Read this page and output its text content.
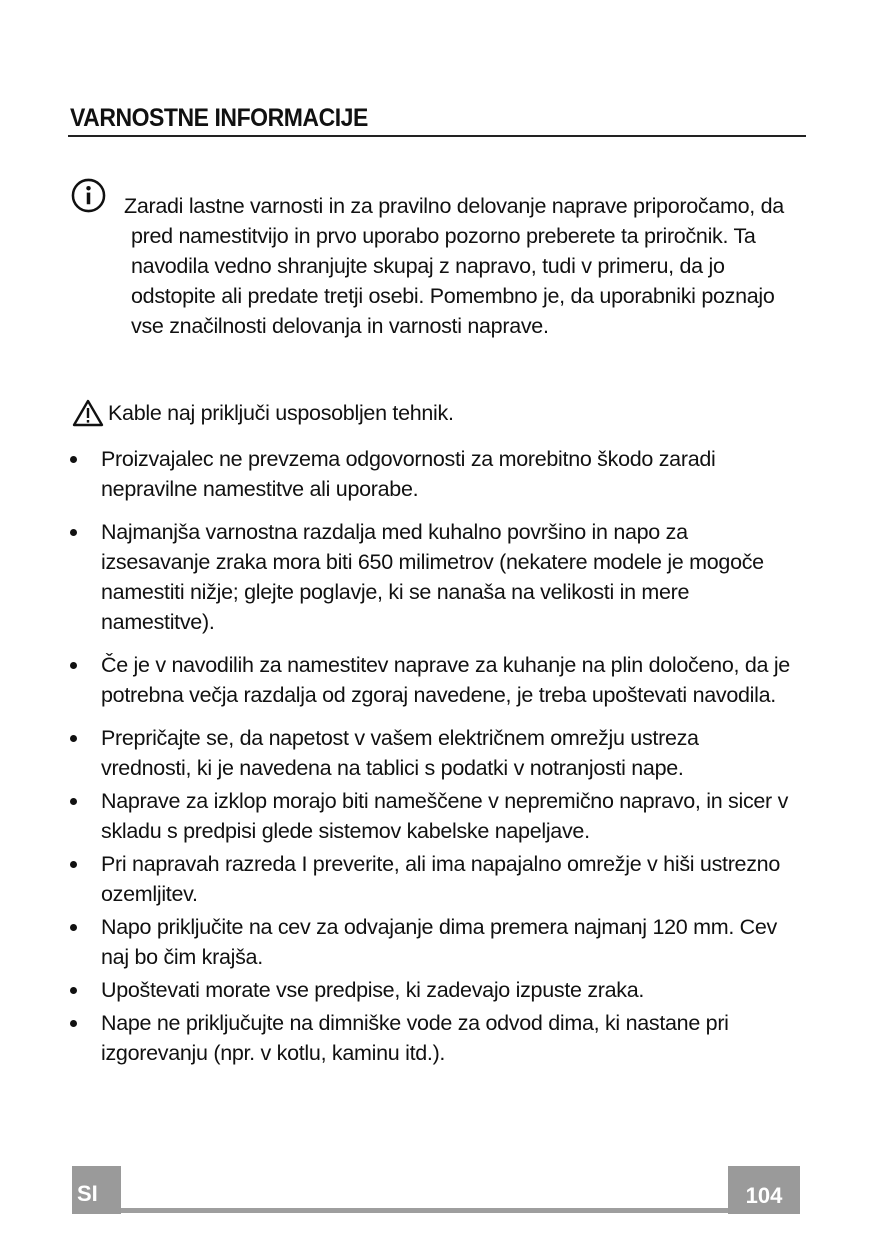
VARNOSTNE INFORMACIJE
Zaradi lastne varnosti in za pravilno delovanje naprave priporočamo, da
pred namestitvijo in prvo uporabo pozorno preberete ta priročnik. Ta navodila vedno shranjujte skupaj z napravo, tudi v primeru, da jo odstopite ali predate tretji osebi. Pomembno je, da uporabniki poznajo vse značilnosti delovanja in varnosti naprave.
Kable naj priključi usposobljen tehnik.
Proizvajalec ne prevzema odgovornosti za morebitno škodo zaradi nepravilne namestitve ali uporabe.
Najmanjša varnostna razdalja med kuhalno površino in napo za izsesavanje zraka mora biti 650 milimetrov (nekatere modele je mogoče namestiti nižje; glejte poglavje, ki se nanaša na velikosti in mere namestitve).
Če je v navodilih za namestitev naprave za kuhanje na plin določeno, da je potrebna večja razdalja od zgoraj navedene, je treba upoštevati navodila.
Prepričajte se, da napetost v vašem električnem omrežju ustreza vrednosti, ki je navedena na tablici s podatki v notranjosti nape.
Naprave za izklop morajo biti nameščene v nepremično napravo, in sicer v skladu s predpisi glede sistemov kabelske napeljave.
Pri napravah razreda I preverite, ali ima napajalno omrežje v hiši ustrezno ozemljitev.
Napo priključite na cev za odvajanje dima premera najmanj 120 mm. Cev naj bo čim krajša.
Upoštevati morate vse predpise, ki zadevajo izpuste zraka.
Nape ne priključujte na dimniške vode za odvod dima, ki nastane pri izgorevanju (npr. v kotlu, kaminu itd.).
SI	104
